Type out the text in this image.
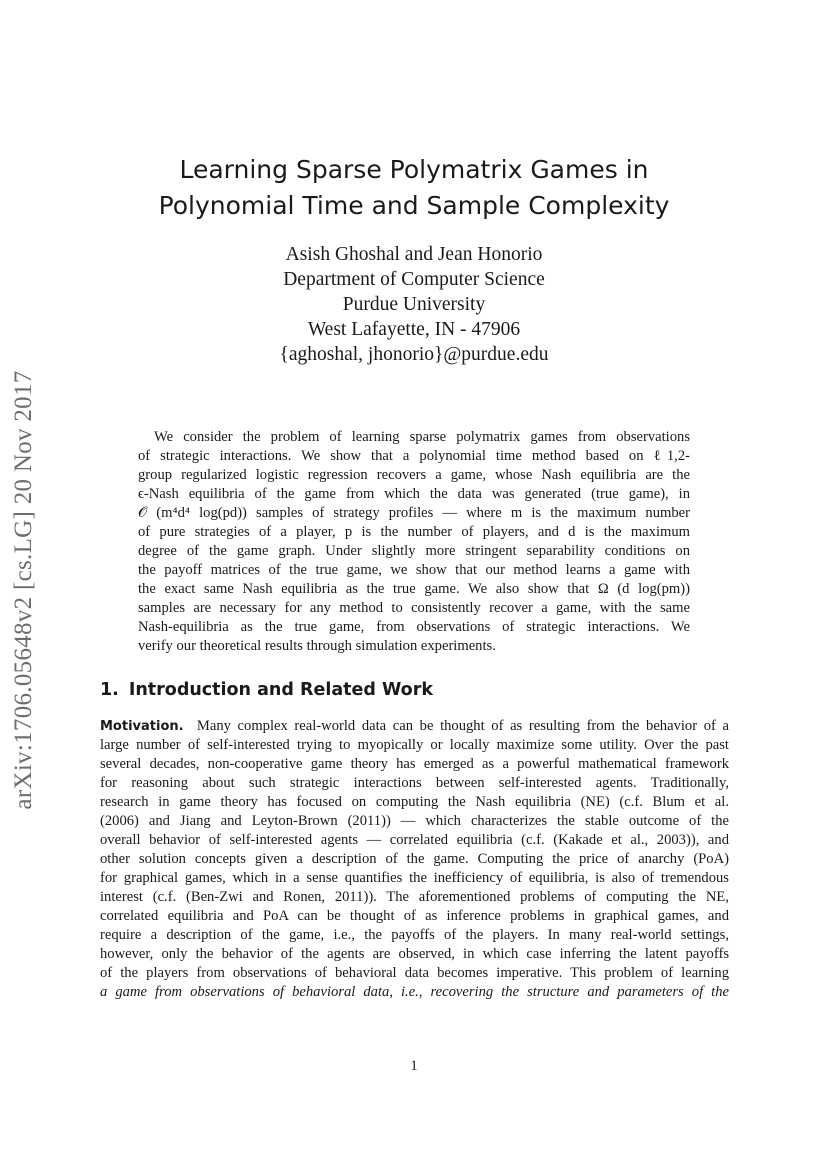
arXiv:1706.05648v2 [cs.LG] 20 Nov 2017
Learning Sparse Polymatrix Games in
Polynomial Time and Sample Complexity
Asish Ghoshal and Jean Honorio
Department of Computer Science
Purdue University
West Lafayette, IN - 47906
{aghoshal, jhonorio}@purdue.edu
We consider the problem of learning sparse polymatrix games from observations
of strategic interactions. We show that a polynomial time method based on ℓ1,2-
group regularized logistic regression recovers a game, whose Nash equilibria are the
ϵ-Nash equilibria of the game from which the data was generated (true game), in
𝒪 (m⁴d⁴ log(pd)) samples of strategy profiles — where m is the maximum number
of pure strategies of a player, p is the number of players, and d is the maximum
degree of the game graph. Under slightly more stringent separability conditions on
the payoff matrices of the true game, we show that our method learns a game with
the exact same Nash equilibria as the true game. We also show that Ω (d log(pm))
samples are necessary for any method to consistently recover a game, with the same
Nash-equilibria as the true game, from observations of strategic interactions. We
verify our theoretical results through simulation experiments.
1. Introduction and Related Work
Motivation. Many complex real-world data can be thought of as resulting from the behavior of a
large number of self-interested trying to myopically or locally maximize some utility. Over the past
several decades, non-cooperative game theory has emerged as a powerful mathematical framework
for reasoning about such strategic interactions between self-interested agents. Traditionally,
research in game theory has focused on computing the Nash equilibria (NE) (c.f. Blum et al.
(2006) and Jiang and Leyton-Brown (2011)) — which characterizes the stable outcome of the
overall behavior of self-interested agents — correlated equilibria (c.f. (Kakade et al., 2003)), and
other solution concepts given a description of the game. Computing the price of anarchy (PoA)
for graphical games, which in a sense quantifies the inefficiency of equilibria, is also of tremendous
interest (c.f. (Ben-Zwi and Ronen, 2011)). The aforementioned problems of computing the NE,
correlated equilibria and PoA can be thought of as inference problems in graphical games, and
require a description of the game, i.e., the payoffs of the players. In many real-world settings,
however, only the behavior of the agents are observed, in which case inferring the latent payoffs
of the players from observations of behavioral data becomes imperative. This problem of learning
a game from observations of behavioral data, i.e., recovering the structure and parameters of the
1
